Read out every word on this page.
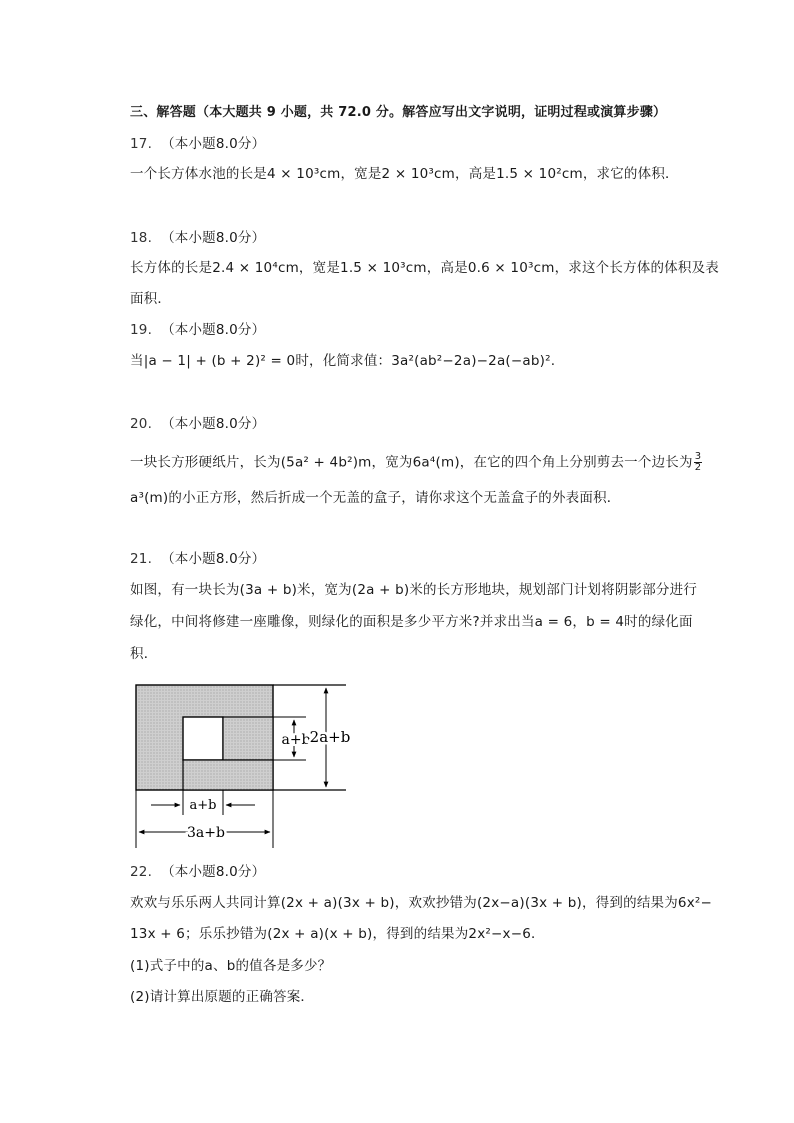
三、解答题（本大题共 9 小题，共 72.0 分。解答应写出文字说明，证明过程或演算步骤）
17. （本小题8.0分）
一个长方体水池的长是4 × 10³cm，宽是2 × 10³cm，高是1.5 × 10²cm，求它的体积．
18. （本小题8.0分）
长方体的长是2.4 × 10⁴cm，宽是1.5 × 10³cm，高是0.6 × 10³cm，求这个长方体的体积及表
面积．
19. （本小题8.0分）
当|a − 1| + (b + 2)² = 0时，化简求值：3a²(ab²−2a)−2a(−ab)².
20. （本小题8.0分）
一块长方形硬纸片，长为(5a² + 4b²)m，宽为6a⁴(m)，在它的四个角上分别剪去一个边长为 $\frac{3}{2}$
a³(m)的小正方形，然后折成一个无盖的盒子，请你求这个无盖盒子的外表面积．
21. （本小题8.0分）
如图，有一块长为(3a + b)米，宽为(2a + b)米的长方形地块，规划部门计划将阴影部分进行
绿化，中间将修建一座雕像，则绿化的面积是多少平方米?并求出当a = 6，b = 4时的绿化面
积．
a+b 2a+b
a+b
3a+b
22. （本小题8.0分）
欢欢与乐乐两人共同计算(2x + a)(3x + b)，欢欢抄错为(2x−a)(3x + b)，得到的结果为6x²−
13x + 6；乐乐抄错为(2x + a)(x + b)，得到的结果为2x²−x−6．
(1)式子中的a、b的值各是多少？
(2)请计算出原题的正确答案．
